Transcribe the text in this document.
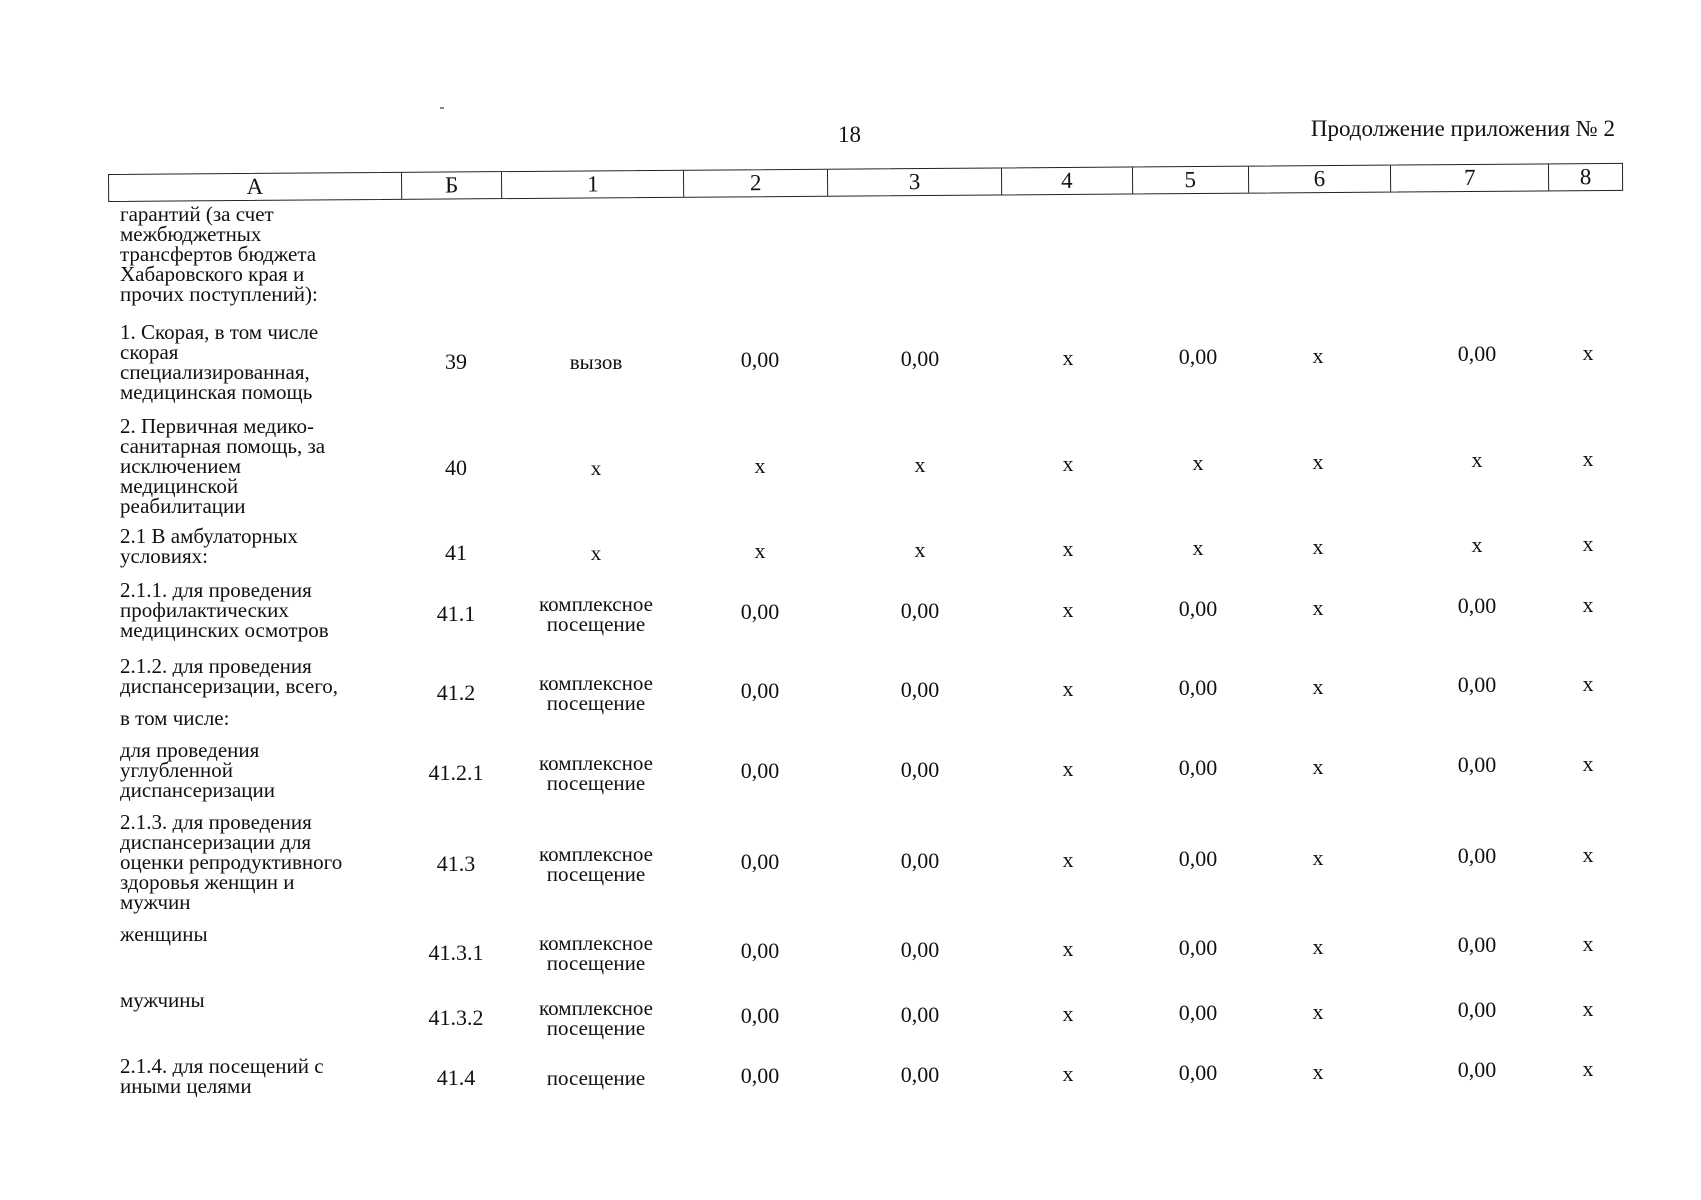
18	Продолжение приложения № 2
А	Б	1	2	3	4	5	6	7	8
гарантий (за счет
межбюджетных
трансфертов бюджета
Хабаровского края и
прочих поступлений):
1. Скорая, в том числе
скорая
специализированная,
медицинская помощь
39	вызов	0,00	0,00	х	0,00	х	0,00	х
2. Первичная медико-
санитарная помощь, за
исключением
медицинской
реабилитации
40	х	х	х	х	х	х	х	х
2.1 В амбулаторных
условиях:	41	х	х	х	х	х	х	х	х
2.1.1. для проведения
профилактических
медицинских осмотров
41.1	комплексное
посещение	0,00	0,00	х	0,00	х	0,00	х
2.1.2. для проведения
диспансеризации, всего,	41.2	комплексное
посещение	0,00	0,00	х	0,00	х	0,00	х
в том числе:
для проведения
углубленной
диспансеризации
41.2.1	комплексное
посещение	0,00	0,00	х	0,00	х	0,00	х
2.1.3. для проведения
диспансеризации для
оценки репродуктивного
здоровья женщин и
мужчин
41.3	комплексное
посещение	0,00	0,00	х	0,00	х	0,00	х
женщины
41.3.1	комплексное
посещение	0,00	0,00	х	0,00	х	0,00	х
мужчины
41.3.2	комплексное
посещение	0,00	0,00	х	0,00	х	0,00	х
2.1.4. для посещений с
иными целями	41.4	посещение	0,00	0,00	х	0,00	х	0,00	х
